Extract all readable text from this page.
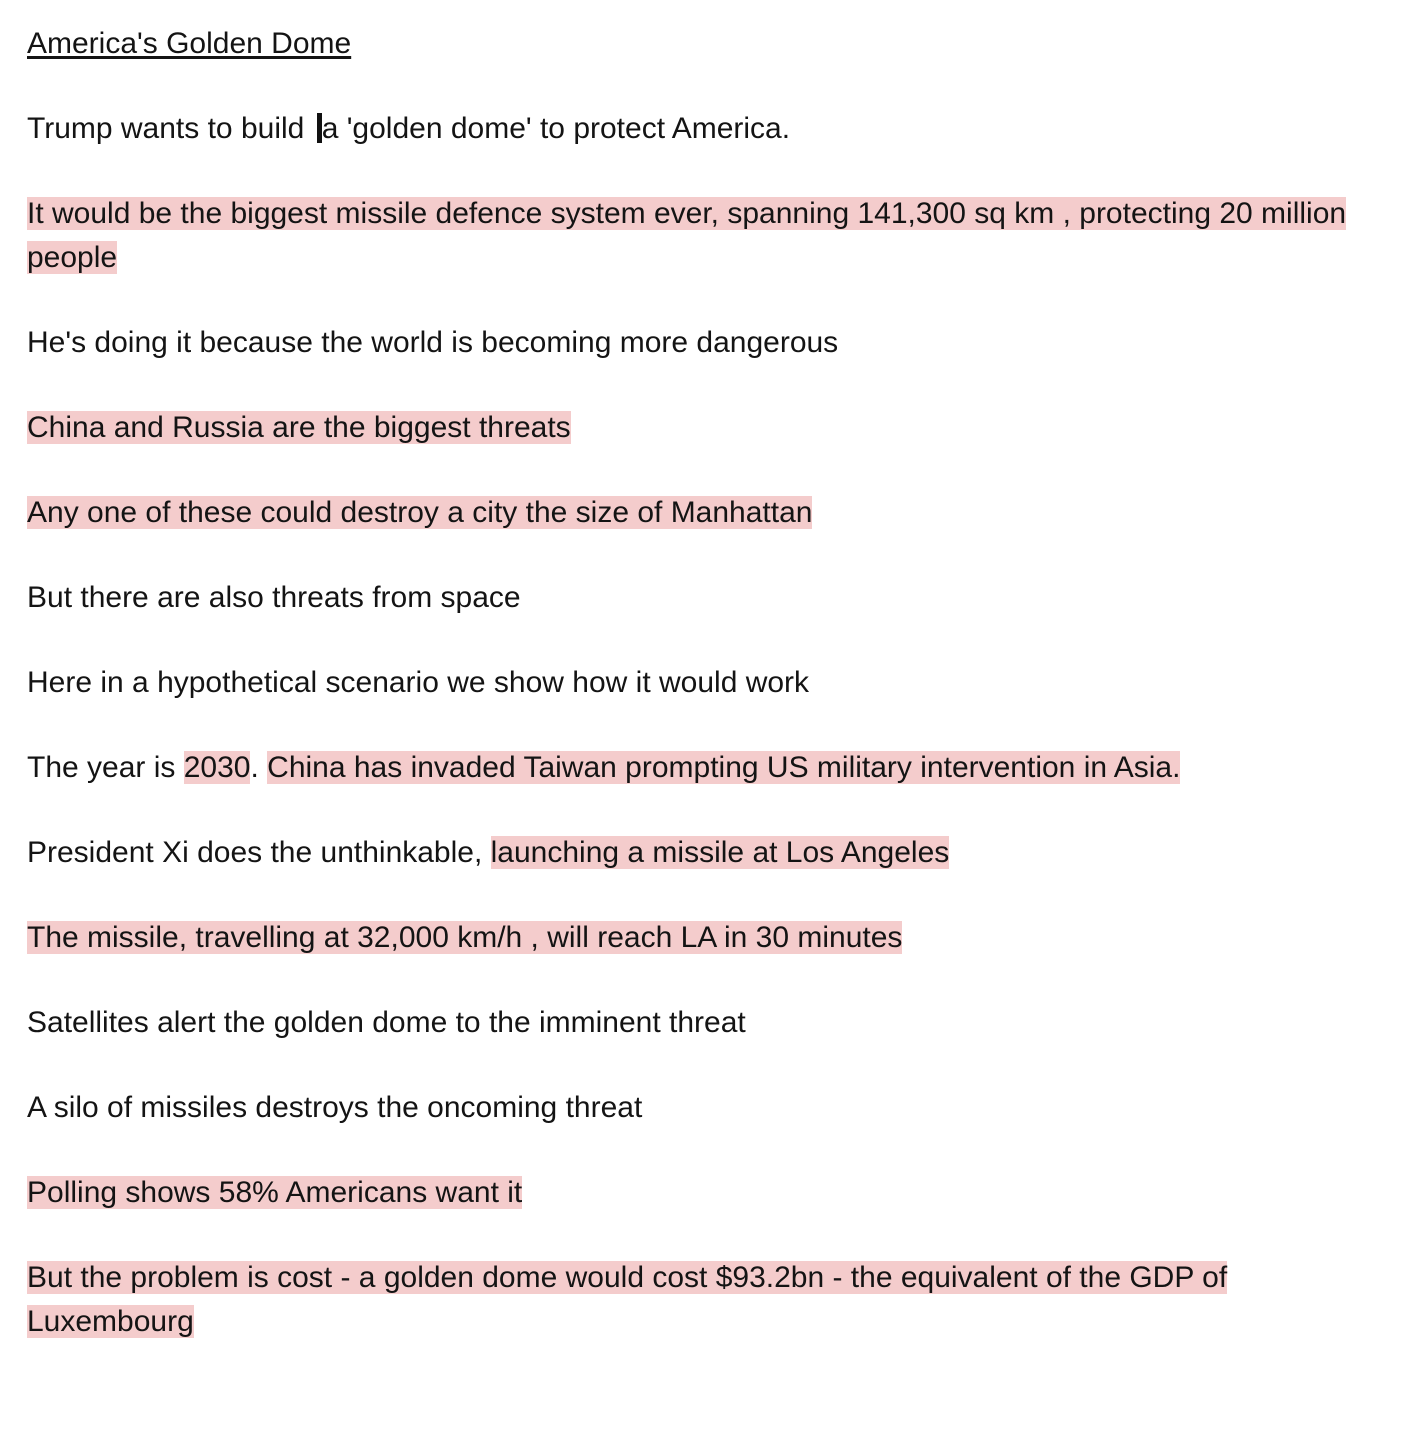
America's Golden Dome

Trump wants to build a 'golden dome' to protect America.

It would be the biggest missile defence system ever, spanning 141,300 sq km , protecting 20 million people

He's doing it because the world is becoming more dangerous

China and Russia are the biggest threats

Any one of these could destroy a city the size of Manhattan

But there are also threats from space

Here in a hypothetical scenario we show how it would work

The year is 2030. China has invaded Taiwan prompting US military intervention in Asia.

President Xi does the unthinkable, launching a missile at Los Angeles

The missile, travelling at 32,000 km/h , will reach LA in 30 minutes

Satellites alert the golden dome to the imminent threat

A silo of missiles destroys the oncoming threat

Polling shows 58% Americans want it

But the problem is cost - a golden dome would cost $93.2bn - the equivalent of the GDP of Luxembourg
